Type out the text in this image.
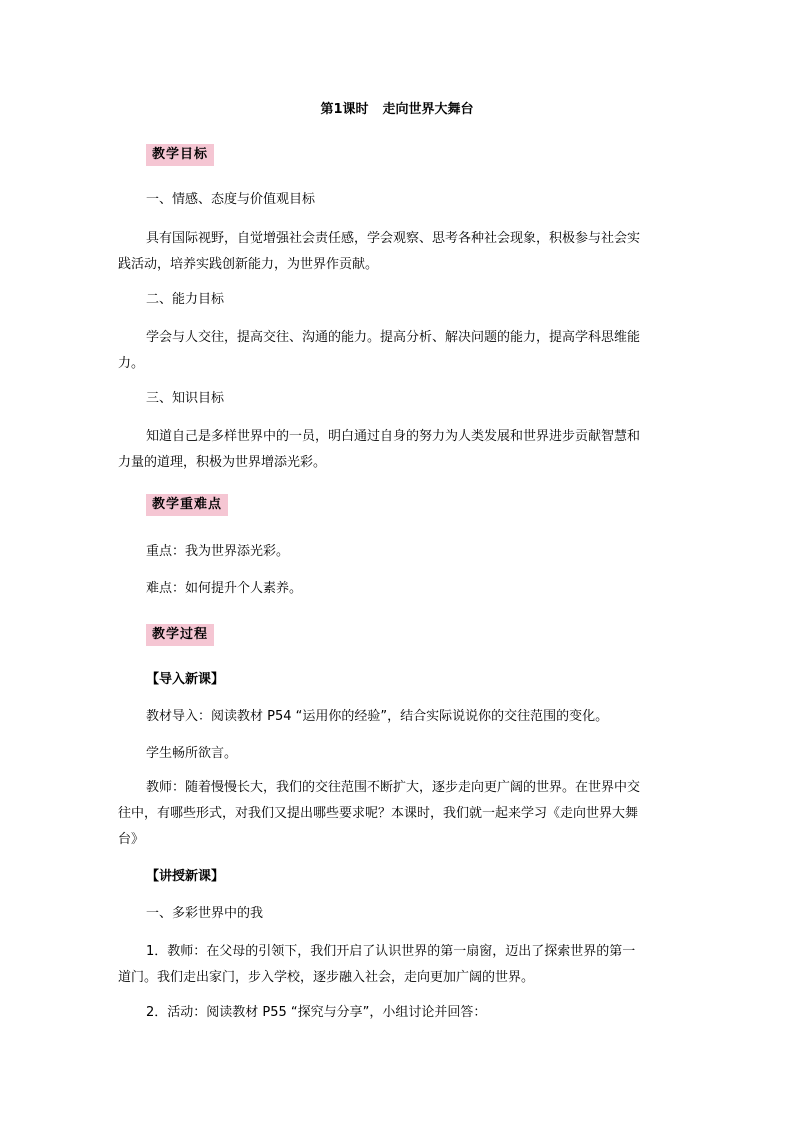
第1课时 走向世界大舞台
教学目标
一、情感、态度与价值观目标
具有国际视野，自觉增强社会责任感，学会观察、思考各种社会现象，积极参与社会实
践活动，培养实践创新能力，为世界作贡献。
二、能力目标
学会与人交往，提高交往、沟通的能力。提高分析、解决问题的能力，提高学科思维能
力。
三、知识目标
知道自己是多样世界中的一员，明白通过自身的努力为人类发展和世界进步贡献智慧和
力量的道理，积极为世界增添光彩。
教学重难点
重点：我为世界添光彩。
难点：如何提升个人素养。
教学过程
【导入新课】
教材导入：阅读教材 P54 “运用你的经验”，结合实际说说你的交往范围的变化。
学生畅所欲言。
教师：随着慢慢长大，我们的交往范围不断扩大，逐步走向更广阔的世界。在世界中交
往中，有哪些形式，对我们又提出哪些要求呢？本课时，我们就一起来学习《走向世界大舞
台》
【讲授新课】
一、多彩世界中的我
1．教师：在父母的引领下，我们开启了认识世界的第一扇窗，迈出了探索世界的第一
道门。我们走出家门，步入学校，逐步融入社会，走向更加广阔的世界。
2．活动：阅读教材 P55 “探究与分享”，小组讨论并回答：
